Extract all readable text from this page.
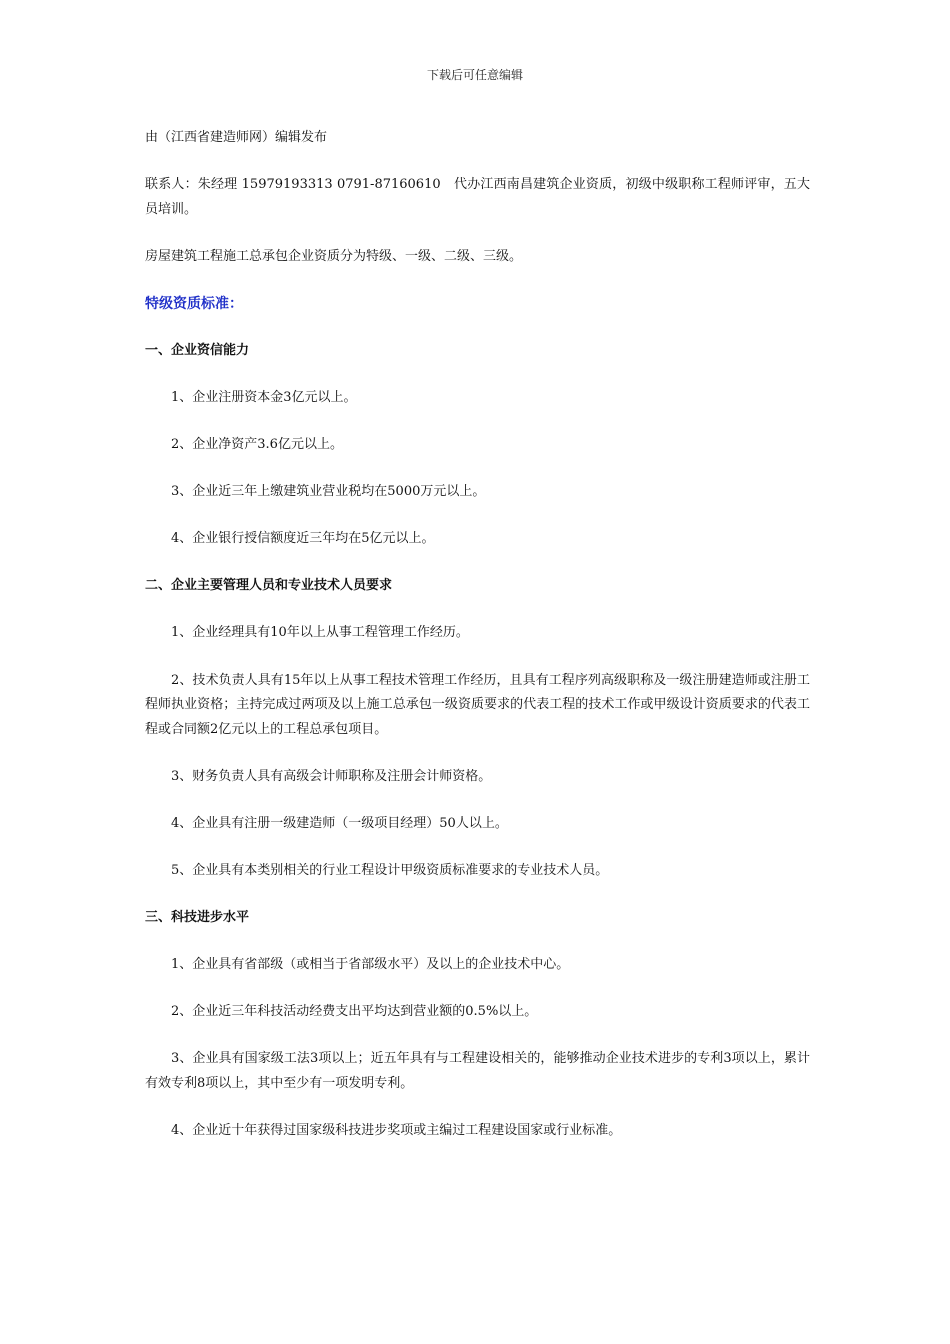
下载后可任意编辑

由（江西省建造师网）编辑发布

联系人：朱经理 15979193313 0791-87160610　代办江西南昌建筑企业资质，初级中级职称工程师评审，五大员培训。

房屋建筑工程施工总承包企业资质分为特级、一级、二级、三级。

特级资质标准：

一、企业资信能力

1、企业注册资本金3亿元以上。

2、企业净资产3.6亿元以上。

3、企业近三年上缴建筑业营业税均在5000万元以上。

4、企业银行授信额度近三年均在5亿元以上。

二、企业主要管理人员和专业技术人员要求

1、企业经理具有10年以上从事工程管理工作经历。

2、技术负责人具有15年以上从事工程技术管理工作经历，且具有工程序列高级职称及一级注册建造师或注册工程师执业资格；主持完成过两项及以上施工总承包一级资质要求的代表工程的技术工作或甲级设计资质要求的代表工程或合同额2亿元以上的工程总承包项目。

3、财务负责人具有高级会计师职称及注册会计师资格。

4、企业具有注册一级建造师（一级项目经理）50人以上。

5、企业具有本类别相关的行业工程设计甲级资质标准要求的专业技术人员。

三、科技进步水平

1、企业具有省部级（或相当于省部级水平）及以上的企业技术中心。

2、企业近三年科技活动经费支出平均达到营业额的0.5%以上。

3、企业具有国家级工法3项以上；近五年具有与工程建设相关的，能够推动企业技术进步的专利3项以上，累计有效专利8项以上，其中至少有一项发明专利。

4、企业近十年获得过国家级科技进步奖项或主编过工程建设国家或行业标准。
